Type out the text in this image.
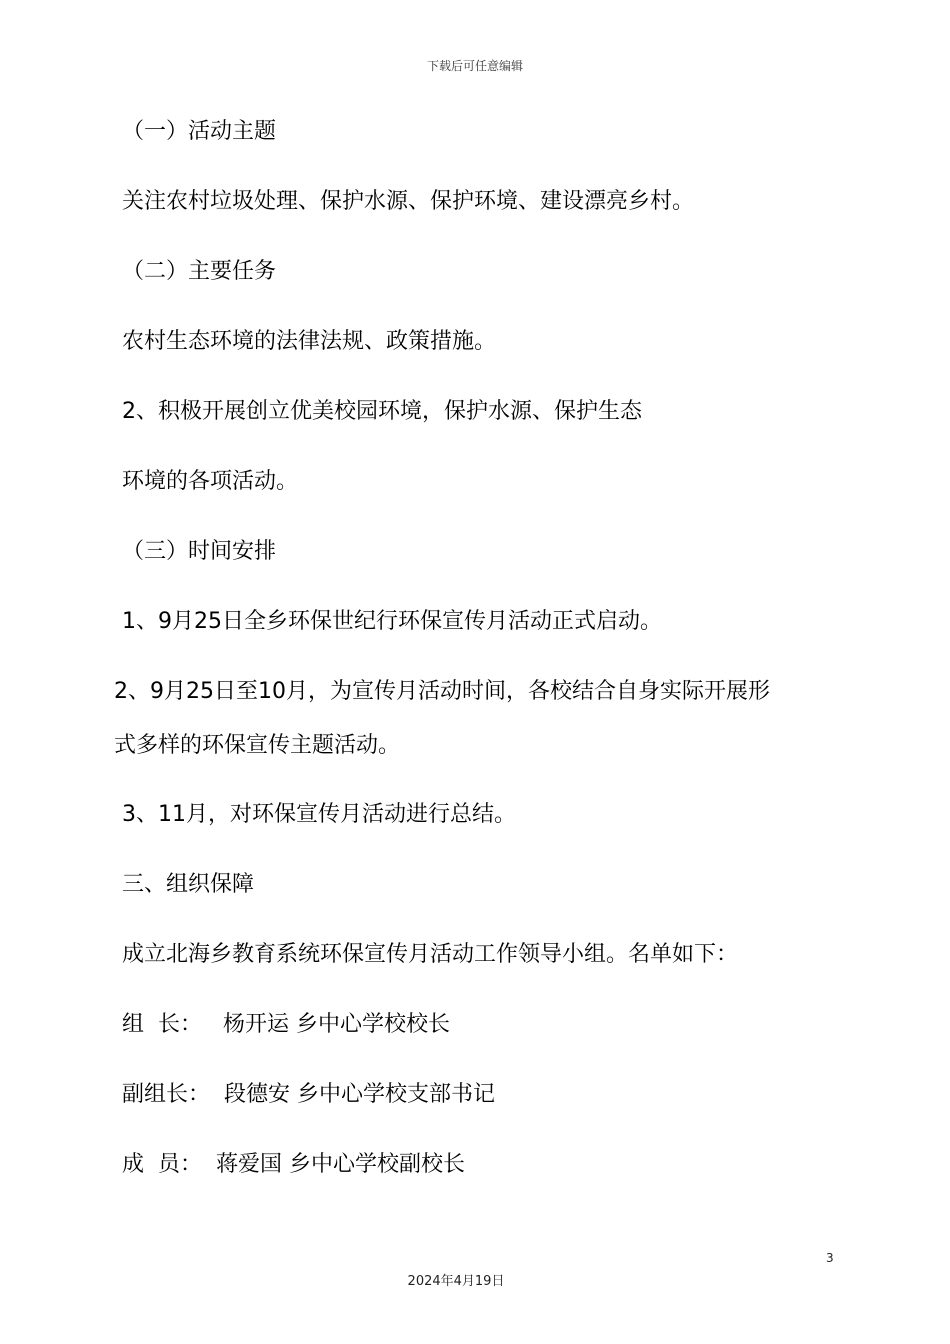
下载后可任意编辑
（一）活动主题
关注农村垃圾处理、保护水源、保护环境、建设漂亮乡村。
（二）主要任务
农村生态环境的法律法规、政策措施。
2、积极开展创立优美校园环境，保护水源、保护生态
环境的各项活动。
（三）时间安排
1、9月25日全乡环保世纪行环保宣传月活动正式启动。
2、9月25日至10月，为宣传月活动时间，各校结合自身实际开展形
式多样的环保宣传主题活动。
3、11月，对环保宣传月活动进行总结。
三、组织保障
成立北海乡教育系统环保宣传月活动工作领导小组。名单如下：
组  长：   杨开运 乡中心学校校长
副组长：  段德安 乡中心学校支部书记
成  员：  蒋爱国 乡中心学校副校长
3
2024年4月19日
